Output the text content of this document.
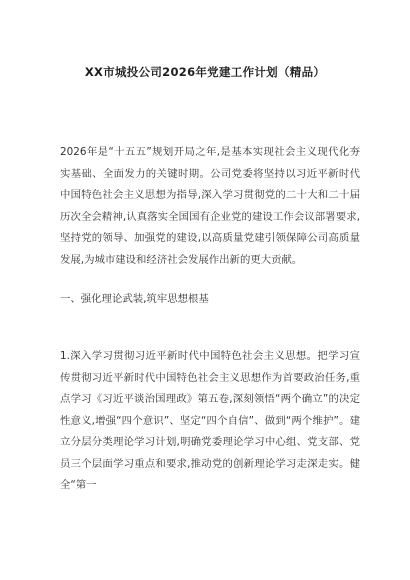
XX市城投公司2026年党建工作计划（精品）
2026年是“十五五”规划开局之年,是基本实现社会主义现代化夯实基础、全面发力的关键时期。公司党委将坚持以习近平新时代中国特色社会主义思想为指导,深入学习贯彻党的二十大和二十届历次全会精神,认真落实全国国有企业党的建设工作会议部署要求,坚持党的领导、加强党的建设,以高质量党建引领保障公司高质量发展,为城市建设和经济社会发展作出新的更大贡献。
一、强化理论武装,筑牢思想根基
1.深入学习贯彻习近平新时代中国特色社会主义思想。把学习宣传贯彻习近平新时代中国特色社会主义思想作为首要政治任务,重点学习《习近平谈治国理政》第五卷,深刻领悟“两个确立”的决定性意义,增强“四个意识”、坚定“四个自信”、做到“两个维护”。建立分层分类理论学习计划,明确党委理论学习中心组、党支部、党员三个层面学习重点和要求,推动党的创新理论学习走深走实。健全“第一
